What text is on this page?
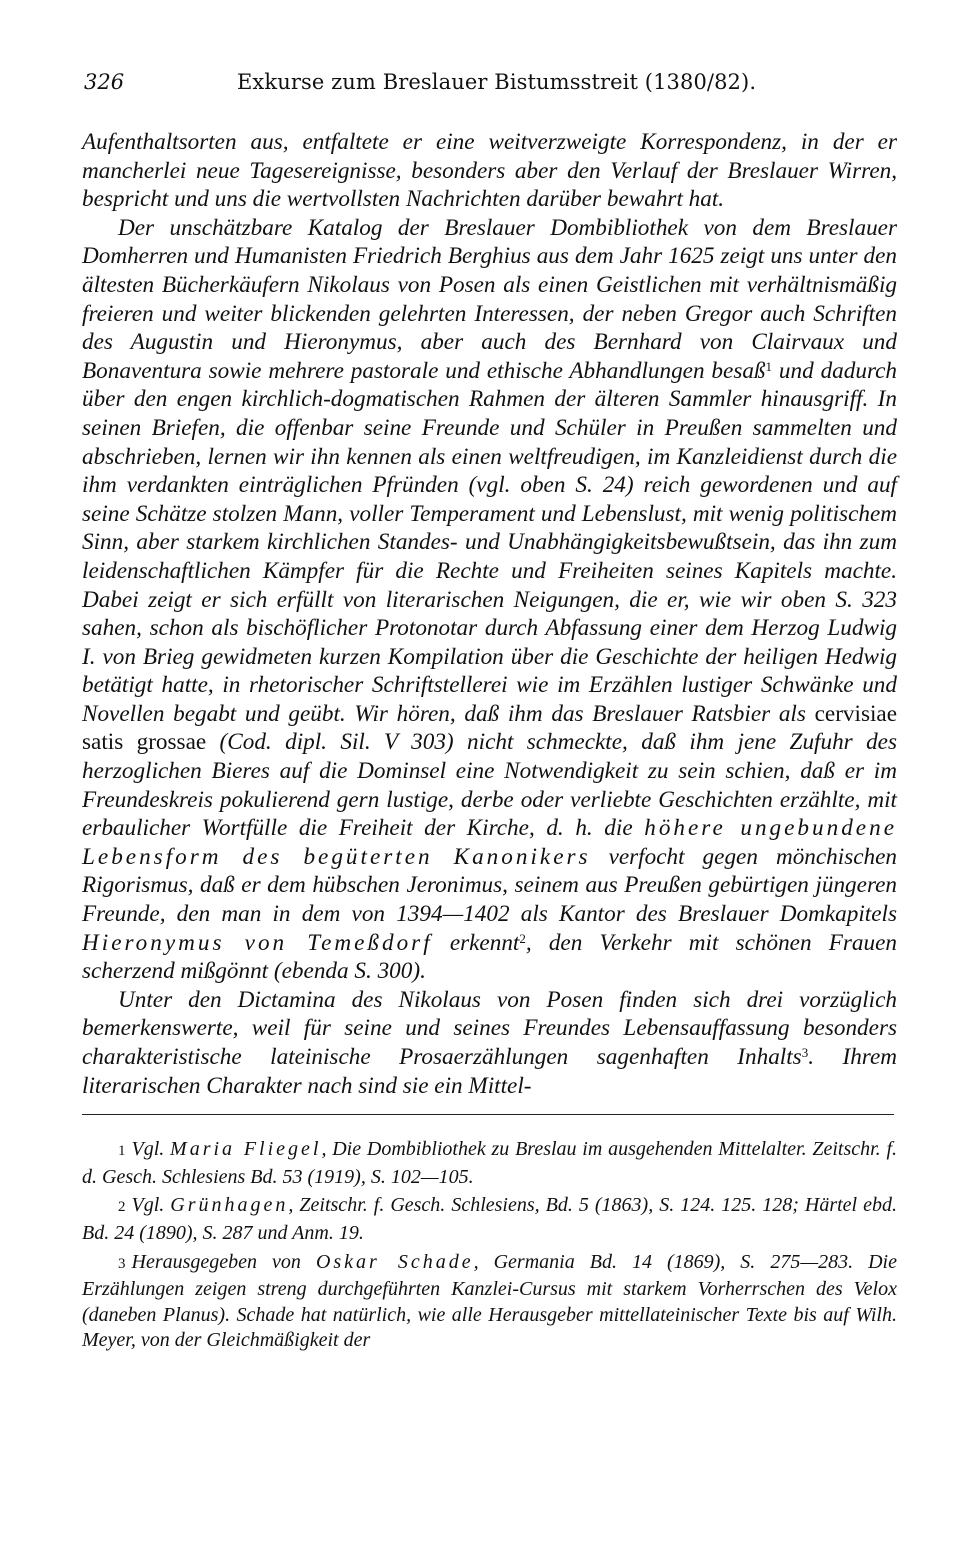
326	Exkurse zum Breslauer Bistumsstreit (1380/82).

Aufenthaltsorten aus, entfaltete er eine weitverzweigte Korrespondenz, in der er mancherlei neue Tagesereignisse, besonders aber den Verlauf der Breslauer Wirren, bespricht und uns die wertvollsten Nachrichten darüber bewahrt hat.

Der unschätzbare Katalog der Breslauer Dombibliothek von dem Breslauer Domherren und Humanisten Friedrich Berghius aus dem Jahr 1625 zeigt uns unter den ältesten Bücherkäufern Nikolaus von Posen als einen Geistlichen mit verhältnismäßig freieren und weiter blickenden gelehrten Interessen, der neben Gregor auch Schriften des Augustin und Hieronymus, aber auch des Bernhard von Clairvaux und Bonaventura sowie mehrere pastorale und ethische Abhandlungen besaß$^1$ und dadurch über den engen kirchlich-dogmatischen Rahmen der älteren Sammler hinausgriff. In seinen Briefen, die offenbar seine Freunde und Schüler in Preußen sammelten und abschrieben, lernen wir ihn kennen als einen weltfreudigen, im Kanzleidienst durch die ihm verdankten einträglichen Pfründen (vgl. oben S. 24) reich gewordenen und auf seine Schätze stolzen Mann, voller Temperament und Lebenslust, mit wenig politischem Sinn, aber starkem kirchlichen Standes- und Unabhängigkeitsbewußtsein, das ihn zum leidenschaftlichen Kämpfer für die Rechte und Freiheiten seines Kapitels machte. Dabei zeigt er sich erfüllt von literarischen Neigungen, die er, wie wir oben S. 323 sahen, schon als bischöflicher Protonotar durch Abfassung einer dem Herzog Ludwig I. von Brieg gewidmeten kurzen Kompilation über die Geschichte der heiligen Hedwig betätigt hatte, in rhetorischer Schriftstellerei wie im Erzählen lustiger Schwänke und Novellen begabt und geübt. Wir hören, daß ihm das Breslauer Ratsbier als cervisiae satis grossae (Cod. dipl. Sil. V 303) nicht schmeckte, daß ihm jene Zufuhr des herzoglichen Bieres auf die Dominsel eine Notwendigkeit zu sein schien, daß er im Freundeskreis pokulierend gern lustige, derbe oder verliebte Geschichten erzählte, mit erbaulicher Wortfülle die Freiheit der Kirche, d. h. die höhere ungebundene Lebensform des begüterten Kanonikers verfocht gegen mönchischen Rigorismus, daß er dem hübschen Jeronimus, seinem aus Preußen gebürtigen jüngeren Freunde, den man in dem von 1394—1402 als Kantor des Breslauer Domkapitels Hieronymus von Temeßdorf erkennt$^2$, den Verkehr mit schönen Frauen scherzend mißgönnt (ebenda S. 300).

Unter den Dictamina des Nikolaus von Posen finden sich drei vorzüglich bemerkenswerte, weil für seine und seines Freundes Lebensauffassung besonders charakteristische lateinische Prosaerzählungen sagenhaften Inhalts$^3$. Ihrem literarischen Charakter nach sind sie ein Mittel-

1 Vgl. Maria Fliegel, Die Dombibliothek zu Breslau im ausgehenden Mittelalter. Zeitschr. f. d. Gesch. Schlesiens Bd. 53 (1919), S. 102—105.

2 Vgl. Grünhagen, Zeitschr. f. Gesch. Schlesiens, Bd. 5 (1863), S. 124. 125. 128; Härtel ebd. Bd. 24 (1890), S. 287 und Anm. 19.

3 Herausgegeben von Oskar Schade, Germania Bd. 14 (1869), S. 275—283. Die Erzählungen zeigen streng durchgeführten Kanzlei-Cursus mit starkem Vorherrschen des Velox (daneben Planus). Schade hat natürlich, wie alle Herausgeber mittellateinischer Texte bis auf Wilh. Meyer, von der Gleichmäßigkeit der
